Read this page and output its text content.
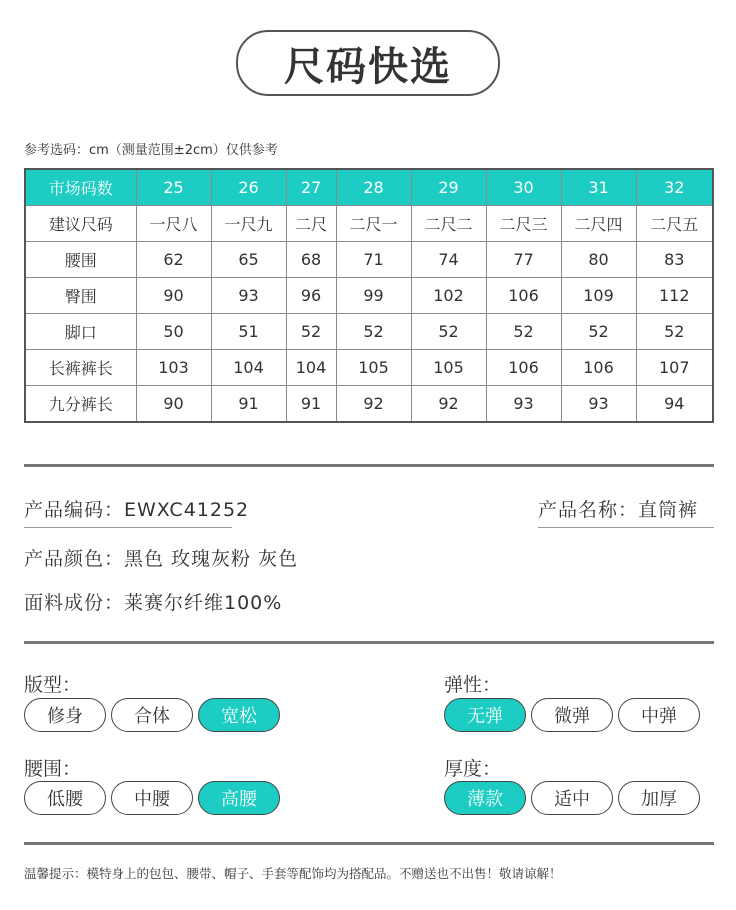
尺码快选
参考选码：cm（测量范围±2cm）仅供参考
市场码数	25	26	27	28	29	30	31	32
建议尺码	一尺八	一尺九	二尺	二尺一	二尺二	二尺三	二尺四	二尺五
腰围	62	65	68	71	74	77	80	83
臀围	90	93	96	99	102	106	109	112
脚口	50	51	52	52	52	52	52	52
长裤裤长	103	104	104	105	105	106	106	107
九分裤长	90	91	91	92	92	93	93	94
产品编码：EWXC41252	产品名称：直筒裤
产品颜色：黑色 玫瑰灰粉 灰色
面料成份：莱赛尔纤维100%
版型：
修身	合体	宽松
弹性：
无弹	微弹	中弹
腰围：
低腰	中腰	高腰
厚度：
薄款	适中	加厚
温馨提示：模特身上的包包、腰带、帽子、手套等配饰均为搭配品。不赠送也不出售！敬请谅解！
